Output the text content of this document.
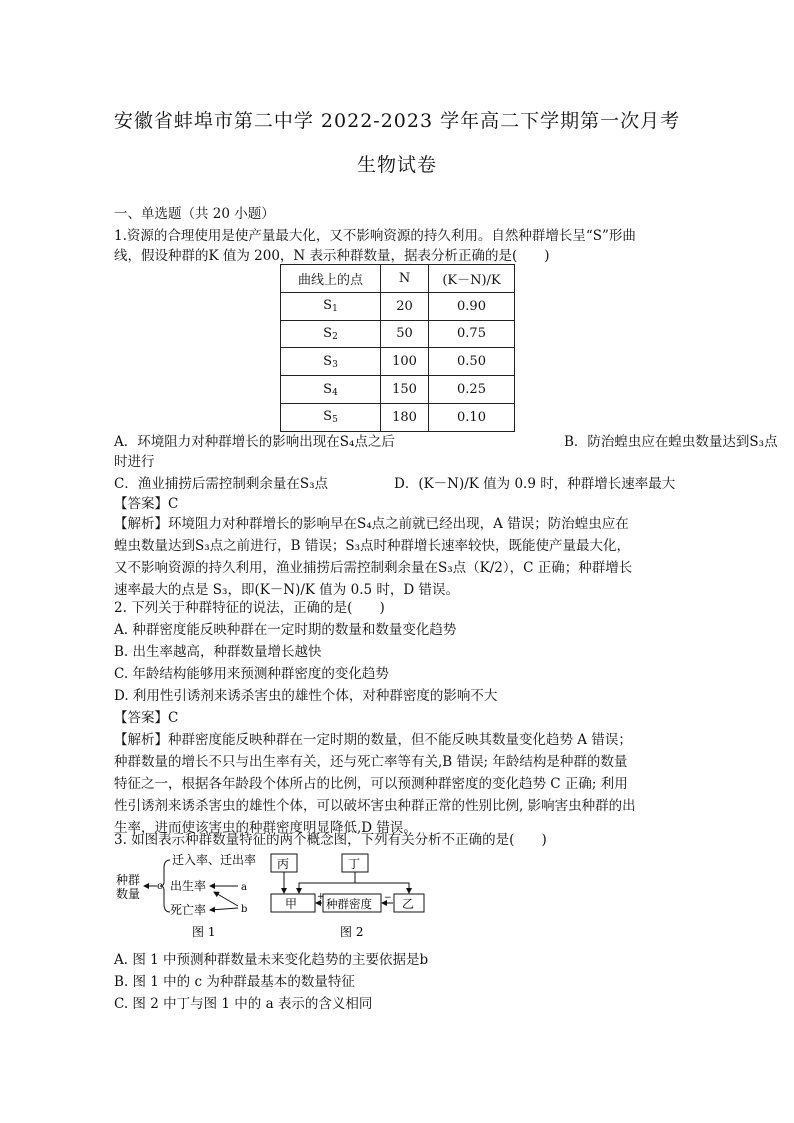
安徽省蚌埠市第二中学 2022-2023 学年高二下学期第一次月考
生物试卷
一、单选题（共 20 小题）
1.资源的合理使用是使产量最大化，又不影响资源的持久利用。自然种群增长呈“S”形曲
线，假设种群的K 值为 200，N 表示种群数量，据表分析正确的是(　　)
曲线上的点	N	(K－N)/K
$S_1$	20	0.90
$S_2$	50	0.75
$S_3$	100	0.50
$S_4$	150	0.25
$S_5$	180	0.10
A．环境阻力对种群增长的影响出现在S₄点之后	B．防治蝗虫应在蝗虫数量达到S₃点
时进行
C．渔业捕捞后需控制剩余量在S₃点	D．(K－N)/K 值为 0.9 时，种群增长速率最大
【答案】C
【解析】环境阻力对种群增长的影响早在S₄点之前就已经出现，A 错误；防治蝗虫应在
蝗虫数量达到S₃点之前进行，B 错误；S₃点时种群增长速率较快，既能使产量最大化，
又不影响资源的持久利用，渔业捕捞后需控制剩余量在S₃点（K/2），C 正确；种群增长
速率最大的点是 S₃，即(K－N)/K 值为 0.5 时，D 错误。
2. 下列关于种群特征的说法，正确的是(　　)
A. 种群密度能反映种群在一定时期的数量和数量变化趋势
B. 出生率越高，种群数量增长越快
C. 年龄结构能够用来预测种群密度的变化趋势
D. 利用性引诱剂来诱杀害虫的雄性个体，对种群密度的影响不大
【答案】C
【解析】种群密度能反映种群在一定时期的数量，但不能反映其数量变化趋势 A 错误；
种群数量的增长不只与出生率有关，还与死亡率等有关,B 错误; 年龄结构是种群的数量
特征之一，根据各年龄段个体所占的比例，可以预测种群密度的变化趋势 C 正确; 利用
性引诱剂来诱杀害虫的雄性个体，可以破坏害虫种群正常的性别比例, 影响害虫种群的出
生率，进而使该害虫的种群密度明显降低,D 错误。
3. 如图表示种群数量特征的两个概念图，下列有关分析不正确的是(　　)
种群
数量
c
迁入率、迁出率
出生率
死亡率
a
b
图 1
丙	丁
甲	种群密度	乙
+	−
图 2
A. 图 1 中预测种群数量未来变化趋势的主要依据是b
B. 图 1 中的 c 为种群最基本的数量特征
C. 图 2 中丁与图 1 中的 a 表示的含义相同
